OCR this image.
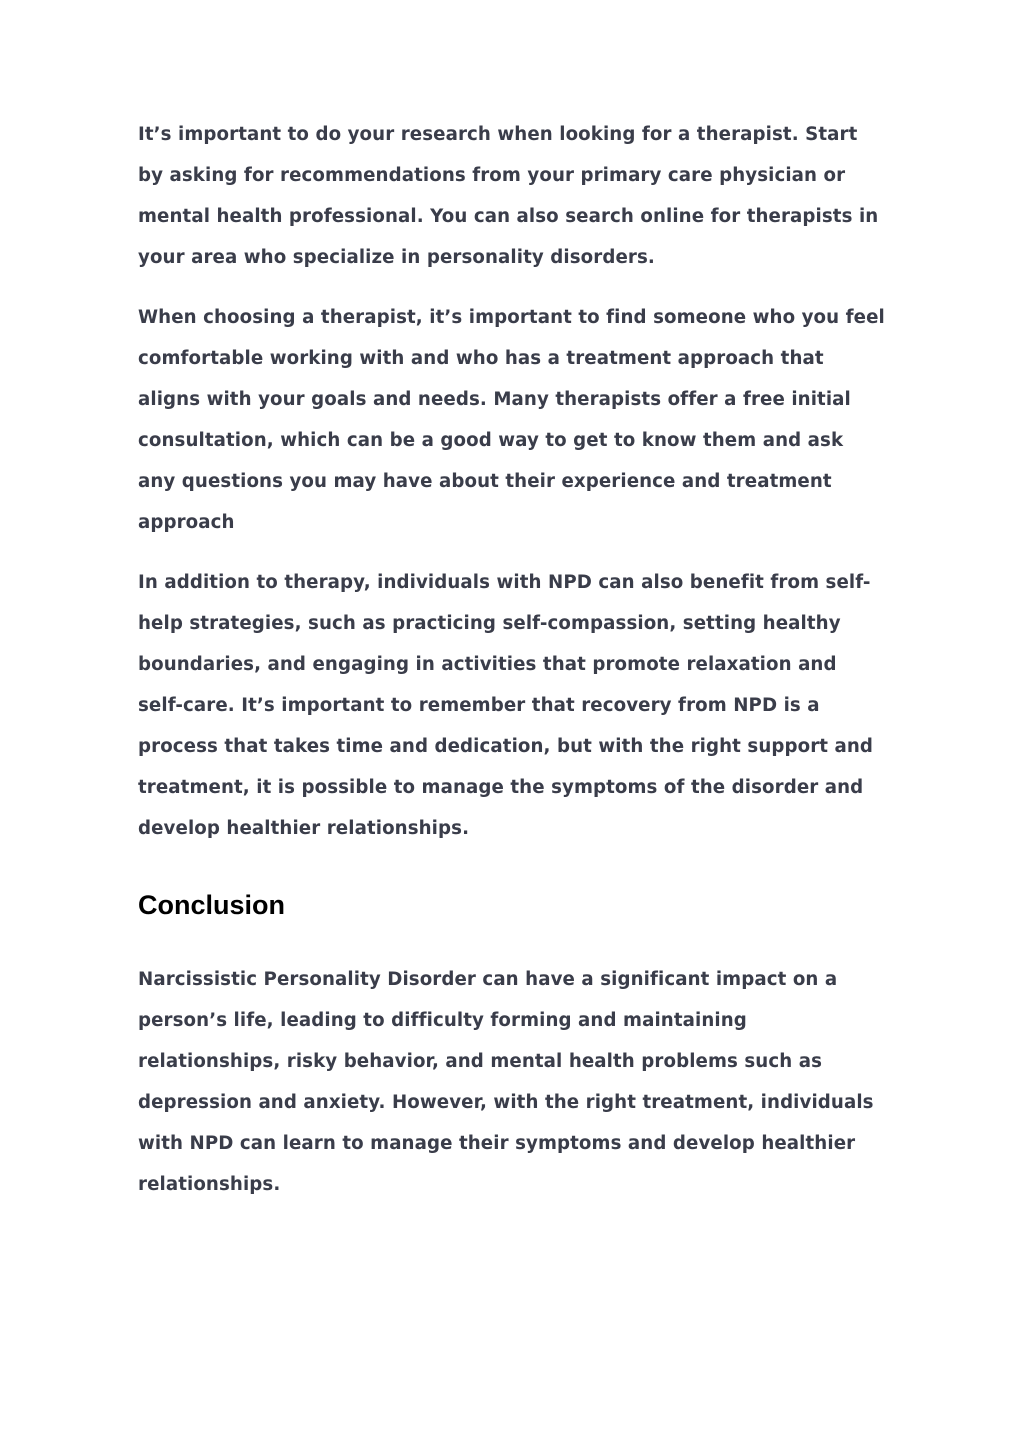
It’s important to do your research when looking for a therapist. Start by asking for recommendations from your primary care physician or mental health professional. You can also search online for therapists in your area who specialize in personality disorders.

When choosing a therapist, it’s important to find someone who you feel comfortable working with and who has a treatment approach that aligns with your goals and needs. Many therapists offer a free initial consultation, which can be a good way to get to know them and ask any questions you may have about their experience and treatment approach

In addition to therapy, individuals with NPD can also benefit from self-help strategies, such as practicing self-compassion, setting healthy boundaries, and engaging in activities that promote relaxation and self-care. It’s important to remember that recovery from NPD is a process that takes time and dedication, but with the right support and treatment, it is possible to manage the symptoms of the disorder and develop healthier relationships.

Conclusion

Narcissistic Personality Disorder can have a significant impact on a person’s life, leading to difficulty forming and maintaining relationships, risky behavior, and mental health problems such as depression and anxiety. However, with the right treatment, individuals with NPD can learn to manage their symptoms and develop healthier relationships.
